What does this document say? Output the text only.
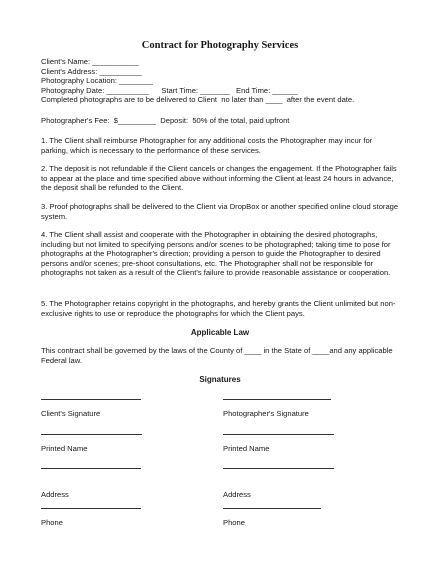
Contract for Photography Services
Client's Name: ___________
Client's Address: __________
Photography Location: ________
Photography Date: __________      Start Time: _______   End Time: ______
Completed photographs are to be delivered to Client  no later than ____  after the event date.
Photographer's Fee:  $_________  Deposit:  50% of the total, paid upfront
1. The Client shall reimburse Photographer for any additional costs the Photographer may incur for parking, which is necessary to the performance of these services.
2. The deposit is not refundable if the Client cancels or changes the engagement. If the Photographer fails to appear at the place and time specified above without informing the Client at least 24 hours in advance, the deposit shall be refunded to the Client.
3. Proof photographs shall be delivered to the Client via DropBox or another specified online cloud storage system.
4. The Client shall assist and cooperate with the Photographer in obtaining the desired photographs, including but not limited to specifying persons and/or scenes to be photographed; taking time to pose for photographs at the Photographer's direction; providing a person to guide the Photographer to desired persons and/or scenes; pre-shoot consultations, etc. The Photographer shall not be responsible for photographs not taken as a result of the Client's failure to provide reasonable assistance or cooperation.
5. The Photographer retains copyright in the photographs, and hereby grants the Client unlimited but non-exclusive rights to use or reproduce the photographs for which the Client pays.
Applicable Law
This contract shall be governed by the laws of the County of ____ in the State of ____and any applicable Federal law.
Signatures
Client's Signature
Printed Name
Address
Phone
Photographer's Signature
Printed Name
Address
Phone
